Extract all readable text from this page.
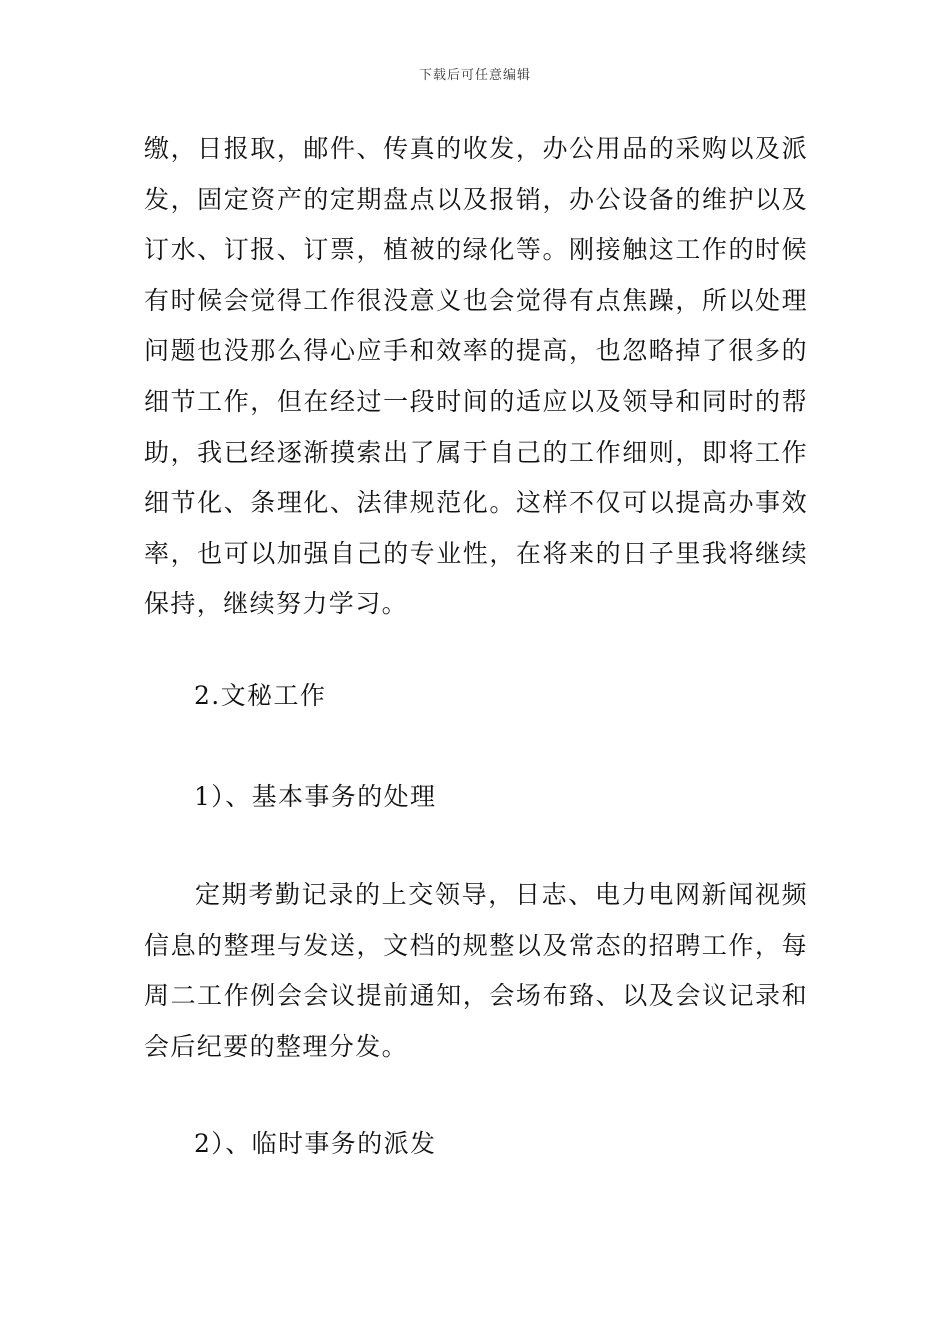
下载后可任意编辑

缴，日报取，邮件、传真的收发，办公用品的采购以及派发，固定资产的定期盘点以及报销，办公设备的维护以及订水、订报、订票，植被的绿化等。刚接触这工作的时候有时候会觉得工作很没意义也会觉得有点焦躁，所以处理问题也没那么得心应手和效率的提高，也忽略掉了很多的细节工作，但在经过一段时间的适应以及领导和同时的帮助，我已经逐渐摸索出了属于自己的工作细则，即将工作细节化、条理化、法律规范化。这样不仅可以提高办事效率，也可以加强自己的专业性，在将来的日子里我将继续保持，继续努力学习。

2.文秘工作

1）、基本事务的处理

定期考勤记录的上交领导，日志、电力电网新闻视频信息的整理与发送，文档的规整以及常态的招聘工作，每周二工作例会会议提前通知，会场布臵、以及会议记录和会后纪要的整理分发。

2）、临时事务的派发
